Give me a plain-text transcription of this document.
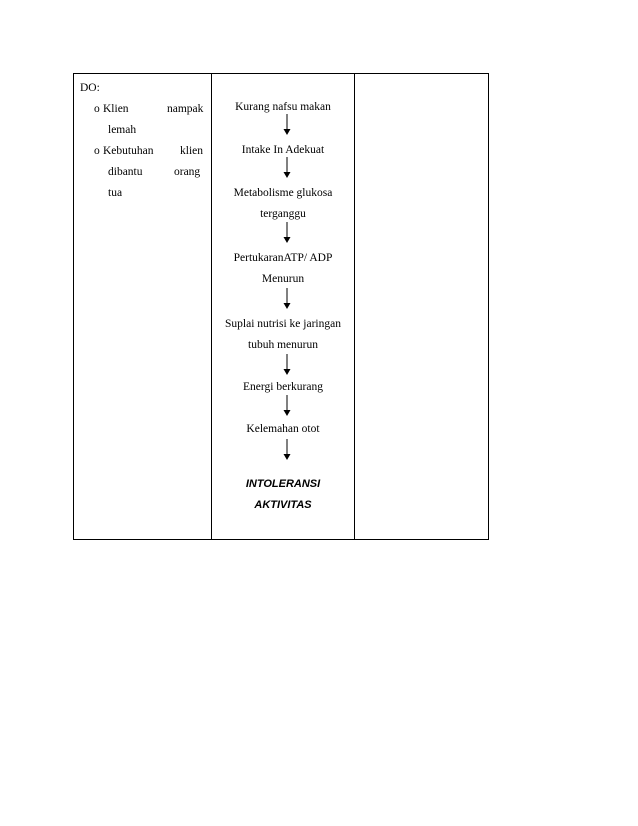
DO:
o Klien	nampak
lemah
o Kebutuhan klien
dibantu	orang
tua
Kurang nafsu makan
Intake In Adekuat
Metabolisme glukosa
terganggu
PertukaranATP/ ADP
Menurun
Suplai nutrisi ke jaringan
tubuh menurun
Energi berkurang
Kelemahan otot
INTOLERANSI
AKTIVITAS
